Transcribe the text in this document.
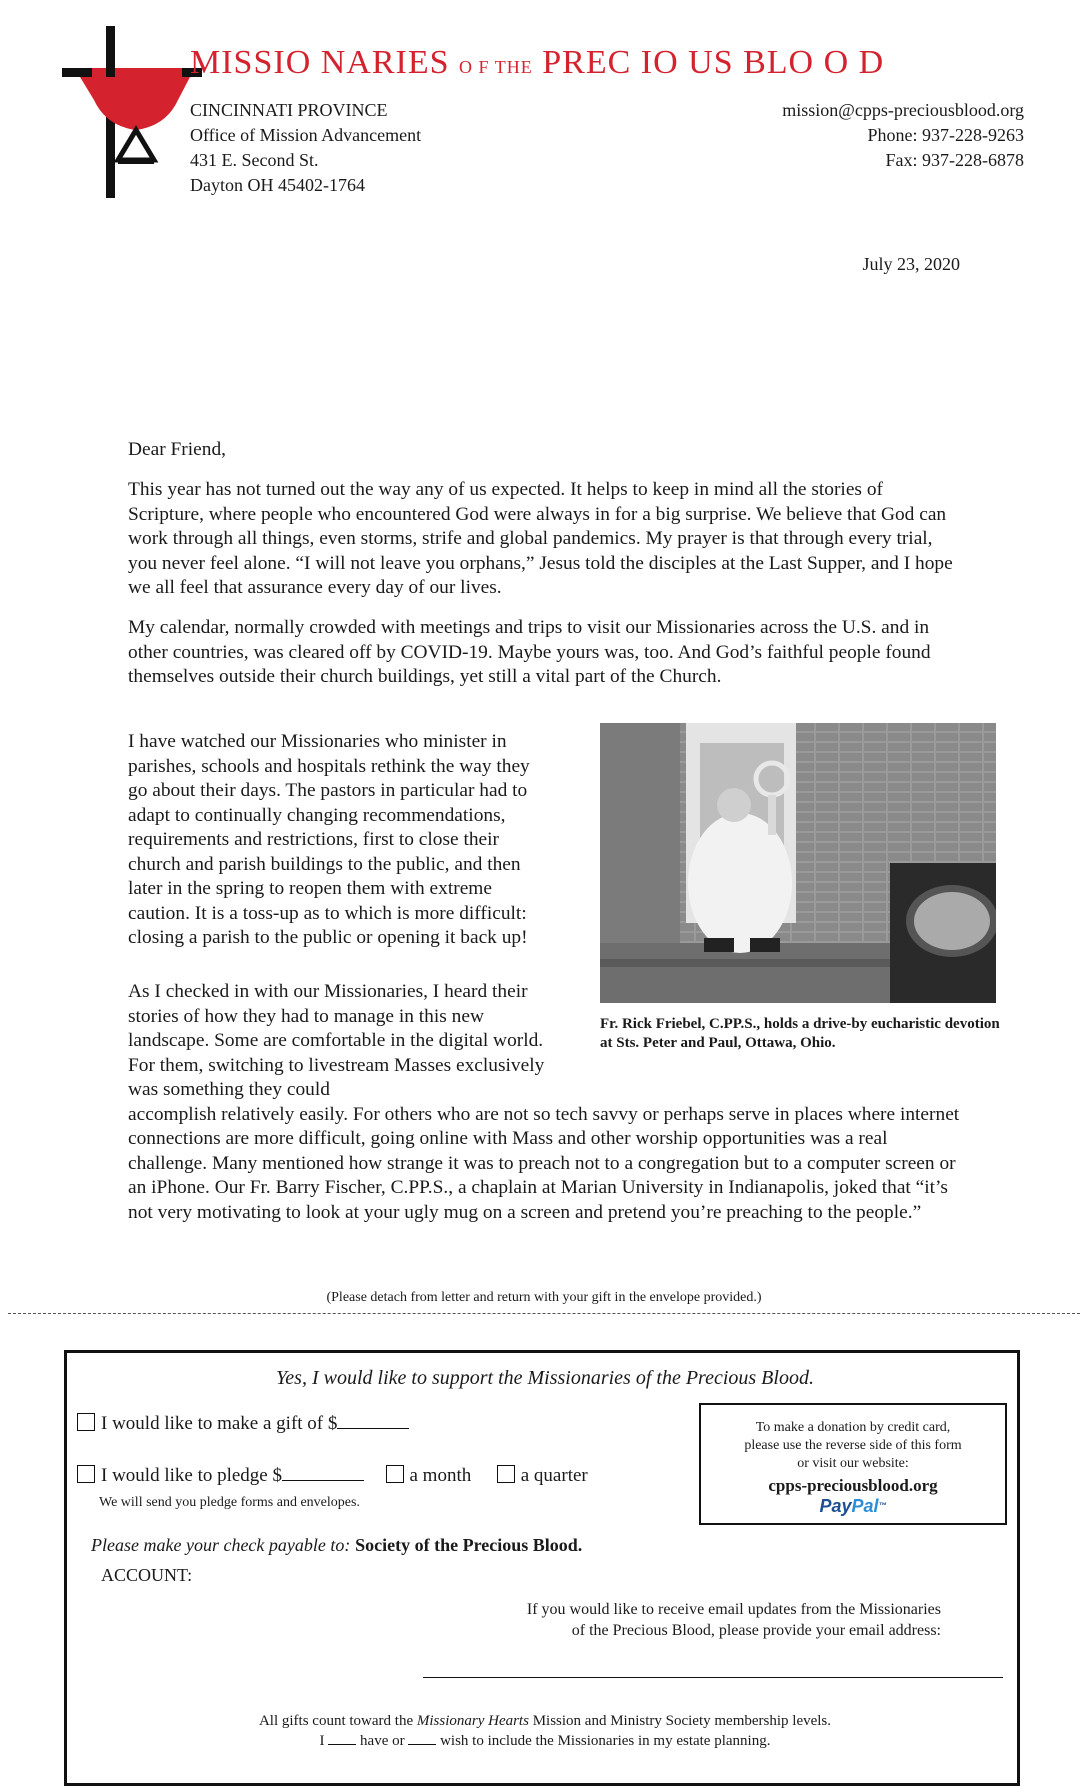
MISSIO NARIES O F THE PREC IO US BLO O D
CINCINNATI PROVINCE
Office of Mission Advancement
431 E. Second St.
Dayton OH 45402-1764
mission@cpps-preciousblood.org
Phone: 937-228-9263
Fax: 937-228-6878
July 23, 2020
Dear Friend,
This year has not turned out the way any of us expected. It helps to keep in mind all the stories of Scripture, where people who encountered God were always in for a big surprise. We believe that God can work through all things, even storms, strife and global pandemics. My prayer is that through every trial, you never feel alone. “I will not leave you orphans,” Jesus told the disciples at the Last Supper, and I hope we all feel that assurance every day of our lives.
My calendar, normally crowded with meetings and trips to visit our Missionaries across the U.S. and in other countries, was cleared off by COVID-19. Maybe yours was, too. And God’s faithful people found themselves outside their church buildings, yet still a vital part of the Church.
I have watched our Missionaries who minister in parishes, schools and hospitals rethink the way they go about their days. The pastors in particular had to adapt to continually changing recommendations, requirements and restrictions, first to close their church and parish buildings to the public, and then later in the spring to reopen them with extreme caution. It is a toss-up as to which is more difficult: closing a parish to the public or opening it back up!
As I checked in with our Missionaries, I heard their stories of how they had to manage in this new landscape. Some are comfortable in the digital world. For them, switching to livestream Masses exclusively was something they could
accomplish relatively easily. For others who are not so tech savvy or perhaps serve in places where internet connections are more difficult, going online with Mass and other worship opportunities was a real challenge. Many mentioned how strange it was to preach not to a congregation but to a computer screen or an iPhone. Our Fr. Barry Fischer, C.PP.S., a chaplain at Marian University in Indianapolis, joked that “it’s not very motivating to look at your ugly mug on a screen and pretend you’re preaching to the people.”
Fr. Rick Friebel, C.PP.S., holds a drive-by eucharistic devotion at Sts. Peter and Paul, Ottawa, Ohio.
(Please detach from letter and return with your gift in the envelope provided.)
Yes, I would like to support the Missionaries of the Precious Blood.
I would like to make a gift of $
I would like to pledge $	a month	a quarter
We will send you pledge forms and envelopes.
Please make your check payable to: Society of the Precious Blood.
ACCOUNT:
To make a donation by credit card,
please use the reverse side of this form
or visit our website:
cpps-preciousblood.org
PayPal™
If you would like to receive email updates from the Missionaries
of the Precious Blood, please provide your email address:
All gifts count toward the Missionary Hearts Mission and Ministry Society membership levels.
I have or wish to include the Missionaries in my estate planning.
